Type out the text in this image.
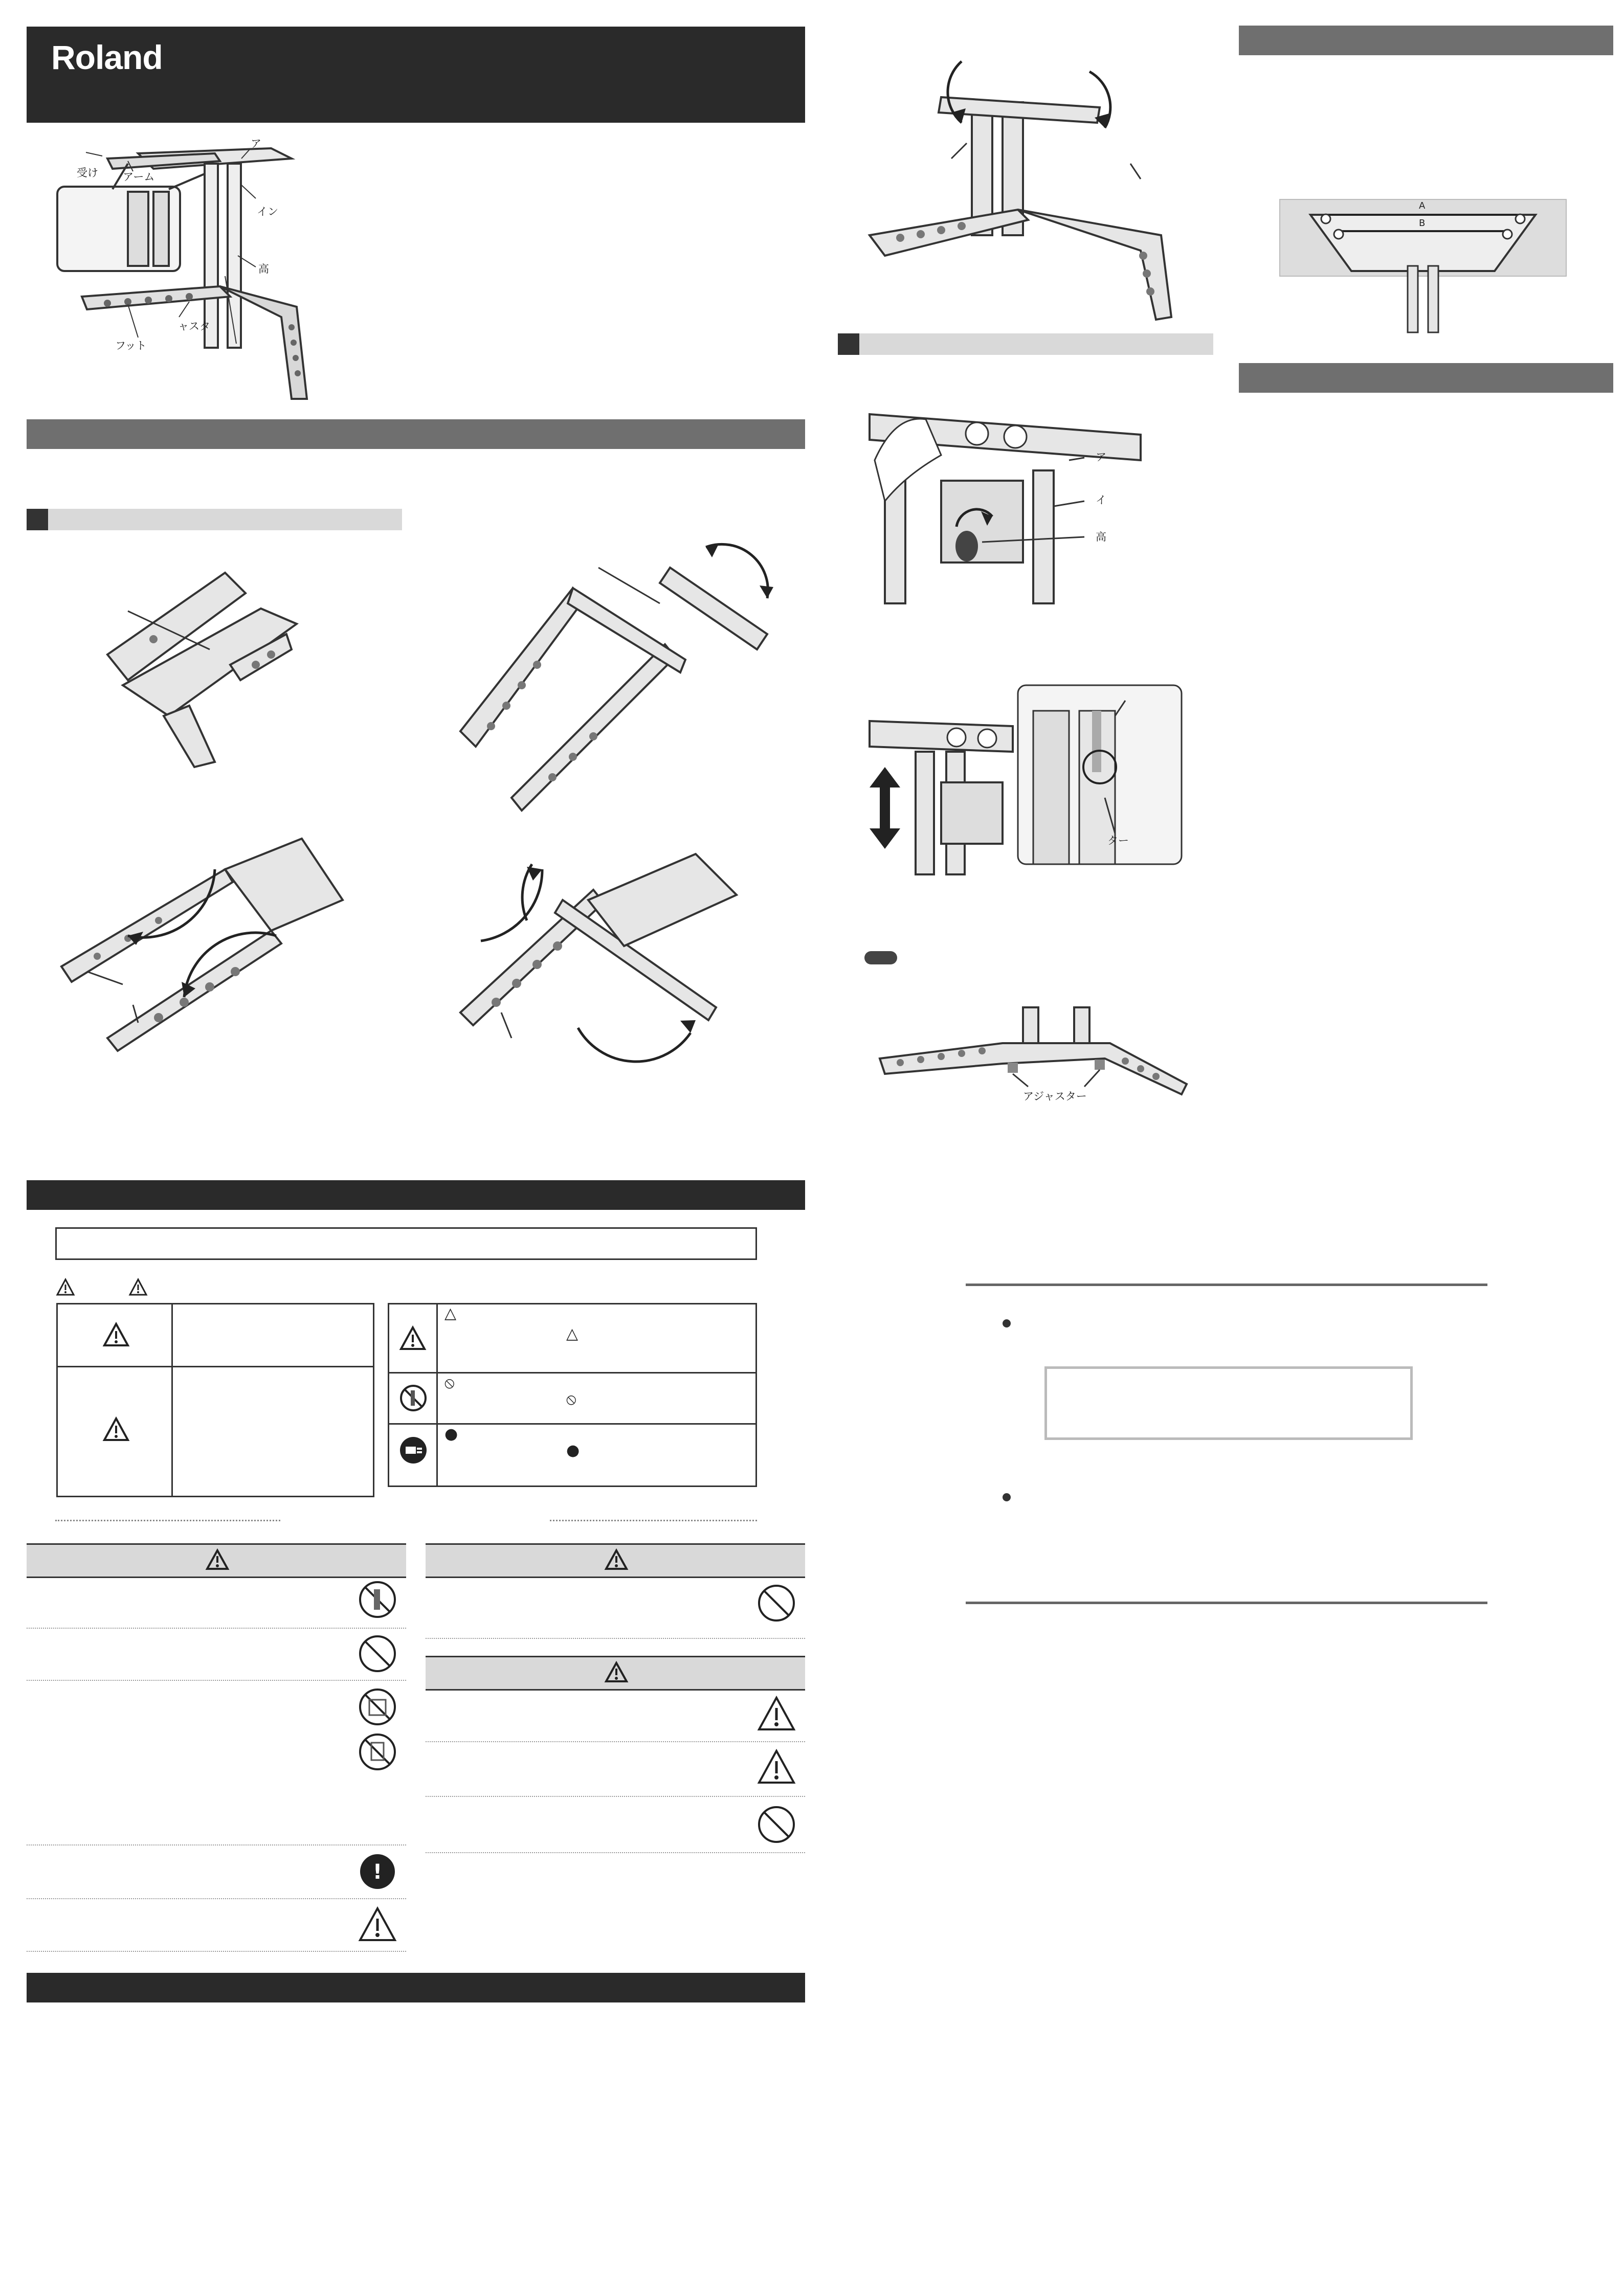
Roland
受け アーム
ア
イン
高
ャスタ
フット
△
△
⦸
⦸
●
●
!
ア
イ
高
ター
アジャスター
A
B
